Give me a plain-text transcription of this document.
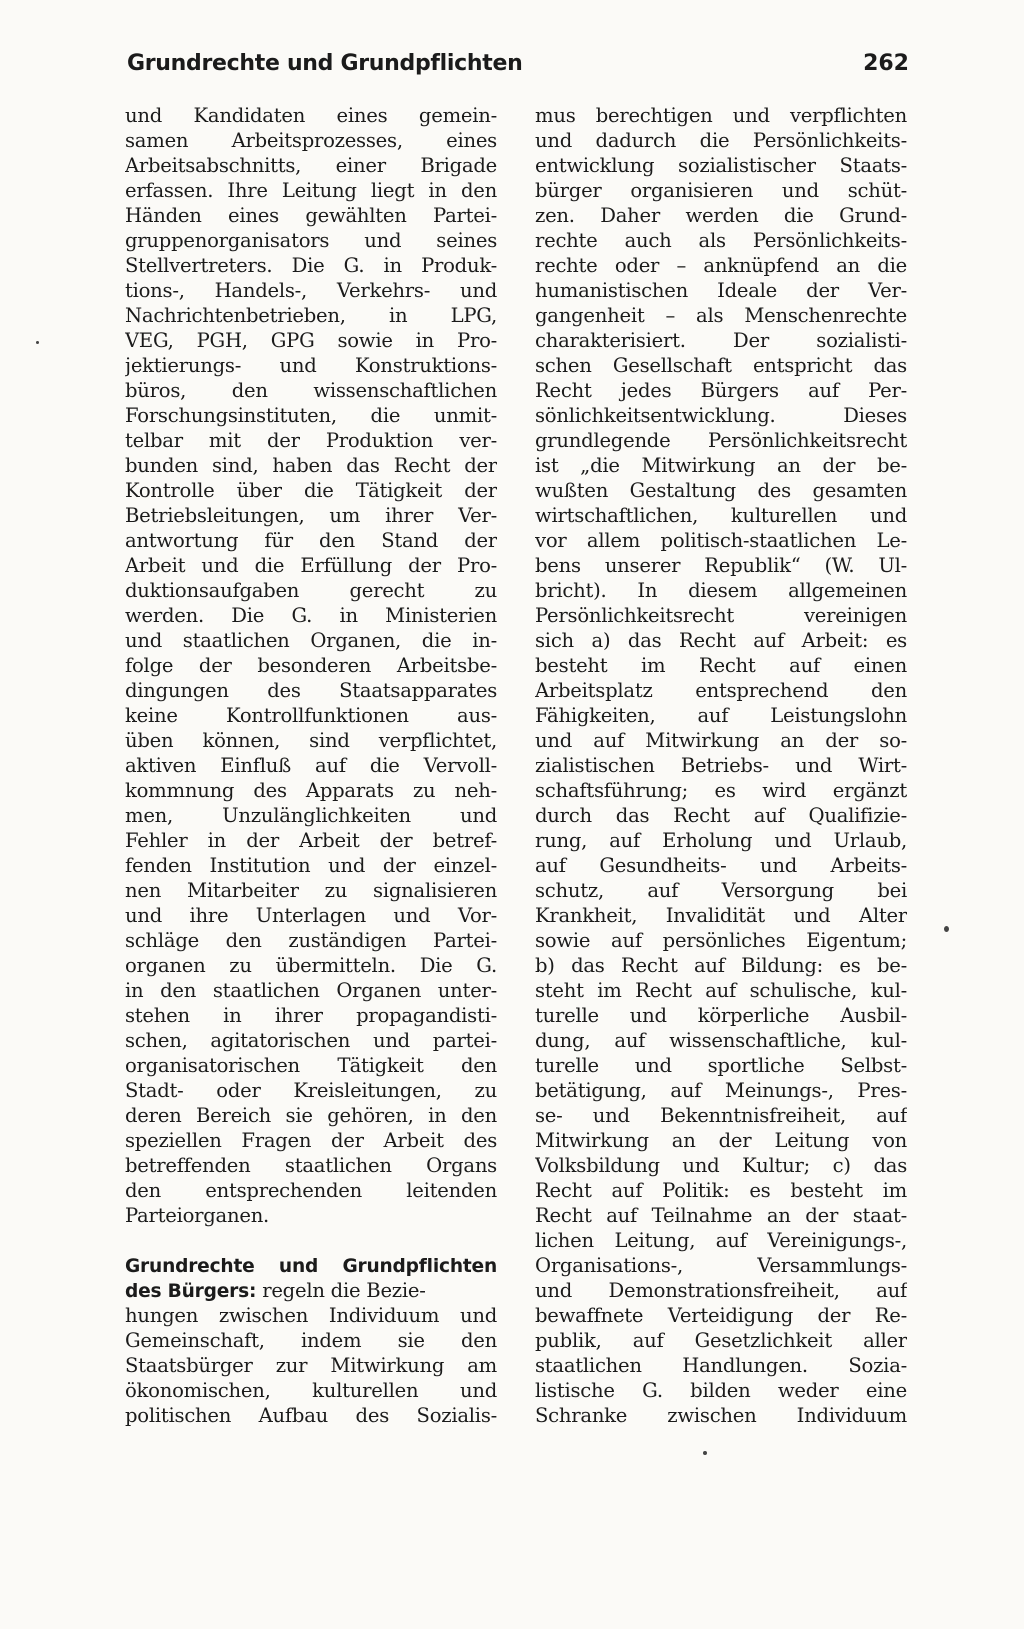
Grundrechte und Grundpflichten	262
und Kandidaten eines gemein-
samen Arbeitsprozesses, eines
Arbeitsabschnitts, einer Brigade
erfassen. Ihre Leitung liegt in den
Händen eines gewählten Partei-
gruppenorganisators und seines
Stellvertreters. Die G. in Produk-
tions-, Handels-, Verkehrs- und
Nachrichtenbetrieben, in LPG,
VEG, PGH, GPG sowie in Pro-
jektierungs- und Konstruktions-
büros, den wissenschaftlichen
Forschungsinstituten, die unmit-
telbar mit der Produktion ver-
bunden sind, haben das Recht der
Kontrolle über die Tätigkeit der
Betriebsleitungen, um ihrer Ver-
antwortung für den Stand der
Arbeit und die Erfüllung der Pro-
duktionsaufgaben gerecht zu
werden. Die G. in Ministerien
und staatlichen Organen, die in-
folge der besonderen Arbeitsbe-
dingungen des Staatsapparates
keine Kontrollfunktionen aus-
üben können, sind verpflichtet,
aktiven Einfluß auf die Vervoll-
kommnung des Apparats zu neh-
men, Unzulänglichkeiten und
Fehler in der Arbeit der betref-
fenden Institution und der einzel-
nen Mitarbeiter zu signalisieren
und ihre Unterlagen und Vor-
schläge den zuständigen Partei-
organen zu übermitteln. Die G.
in den staatlichen Organen unter-
stehen in ihrer propagandisti-
schen, agitatorischen und partei-
organisatorischen Tätigkeit den
Stadt- oder Kreisleitungen, zu
deren Bereich sie gehören, in den
speziellen Fragen der Arbeit des
betreffenden staatlichen Organs
den entsprechenden leitenden
Parteiorganen.
Grundrechte und Grundpflichten
des Bürgers: regeln die Bezie-
hungen zwischen Individuum und
Gemeinschaft, indem sie den
Staatsbürger zur Mitwirkung am
ökonomischen, kulturellen und
politischen Aufbau des Sozialis-
mus berechtigen und verpflichten
und dadurch die Persönlichkeits-
entwicklung sozialistischer Staats-
bürger organisieren und schüt-
zen. Daher werden die Grund-
rechte auch als Persönlichkeits-
rechte oder – anknüpfend an die
humanistischen Ideale der Ver-
gangenheit – als Menschenrechte
charakterisiert. Der sozialisti-
schen Gesellschaft entspricht das
Recht jedes Bürgers auf Per-
sönlichkeitsentwicklung. Dieses
grundlegende Persönlichkeitsrecht
ist „die Mitwirkung an der be-
wußten Gestaltung des gesamten
wirtschaftlichen, kulturellen und
vor allem politisch-staatlichen Le-
bens unserer Republik“ (W. Ul-
bricht). In diesem allgemeinen
Persönlichkeitsrecht vereinigen
sich a) das Recht auf Arbeit: es
besteht im Recht auf einen
Arbeitsplatz entsprechend den
Fähigkeiten, auf Leistungslohn
und auf Mitwirkung an der so-
zialistischen Betriebs- und Wirt-
schaftsführung; es wird ergänzt
durch das Recht auf Qualifizie-
rung, auf Erholung und Urlaub,
auf Gesundheits- und Arbeits-
schutz, auf Versorgung bei
Krankheit, Invalidität und Alter
sowie auf persönliches Eigentum;
b) das Recht auf Bildung: es be-
steht im Recht auf schulische, kul-
turelle und körperliche Ausbil-
dung, auf wissenschaftliche, kul-
turelle und sportliche Selbst-
betätigung, auf Meinungs-, Pres-
se- und Bekenntnisfreiheit, auf
Mitwirkung an der Leitung von
Volksbildung und Kultur; c) das
Recht auf Politik: es besteht im
Recht auf Teilnahme an der staat-
lichen Leitung, auf Vereinigungs-,
Organisations-, Versammlungs-
und Demonstrationsfreiheit, auf
bewaffnete Verteidigung der Re-
publik, auf Gesetzlichkeit aller
staatlichen Handlungen. Sozia-
listische G. bilden weder eine
Schranke zwischen Individuum
